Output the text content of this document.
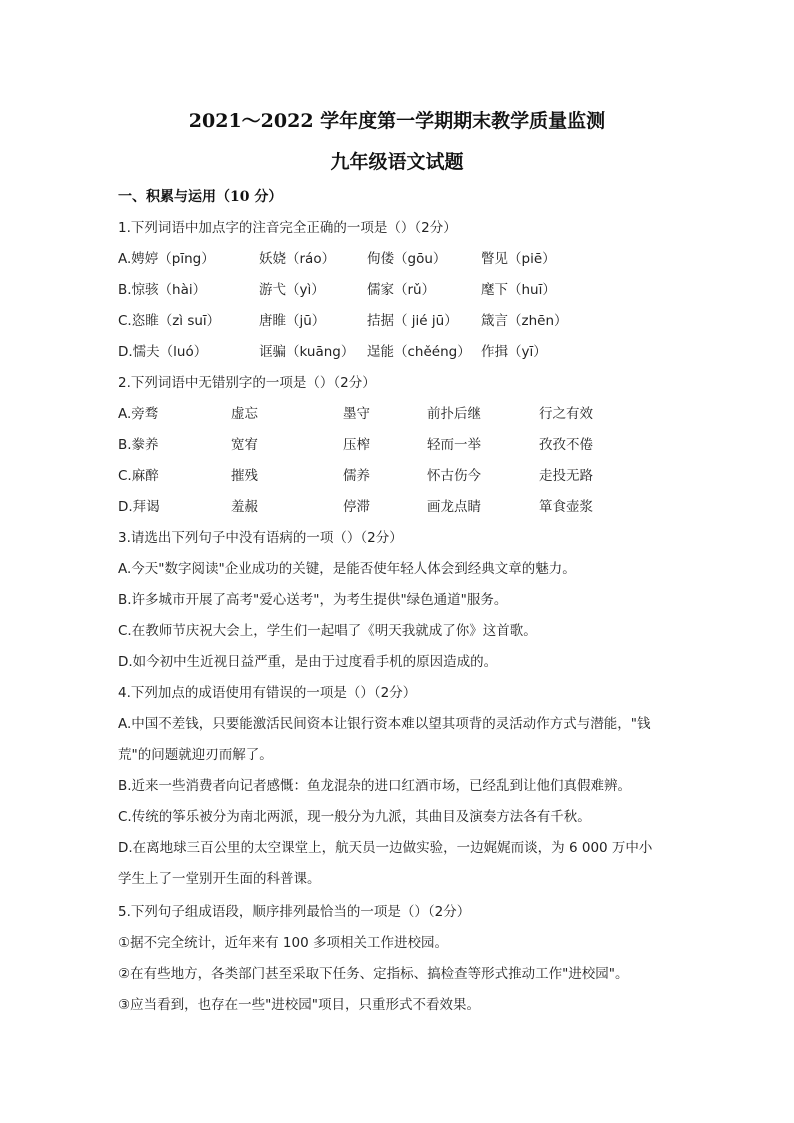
2021～2022 学年度第一学期期末教学质量监测
九年级语文试题
一、积累与运用（10 分）
1.下列词语中加点字的注音完全正确的一项是（）（2分）
A.娉婷（pīng）	妖娆（ráo） 佝偻（gōu）	瞥见（piē）
B.惊骇（hài）	游弋（yì）	儒家（rǔ）	麾下（huī）
C.恣睢（zì suī）	唐睢（jū）	拮据（ jié jū） 箴言（zhēn）
D.懦夫（luó）	诓骗（kuāng） 逞能（chěéng） 作揖（yī）
2.下列词语中无错别字的一项是（）（2分）
A.旁骛	虚忘	墨守	前扑后继	行之有效
B.豢养	宽宥	压榨	轻而一举	孜孜不倦
C.麻醉	摧残	儒养	怀古伤今	走投无路
D.拜谒	羞赧	停滞	画龙点睛	箪食壶浆
3.请选出下列句子中没有语病的一项（）（2分）
A.今天"数字阅读"企业成功的关键，是能否使年轻人体会到经典文章的魅力。
B.许多城市开展了高考"爱心送考"，为考生提供"绿色通道"服务。
C.在教师节庆祝大会上，学生们一起唱了《明天我就成了你》这首歌。
D.如今初中生近视日益严重，是由于过度看手机的原因造成的。
4.下列加点的成语使用有错误的一项是（）（2分）
A.中国不差钱，只要能激活民间资本让银行资本难以望其项背的灵活动作方式与潜能，"钱
荒"的问题就迎刃而解了。
B.近来一些消费者向记者感慨：鱼龙混杂的进口红酒市场，已经乱到让他们真假难辨。
C.传统的筝乐被分为南北两派，现一般分为九派，其曲目及演奏方法各有千秋。
D.在离地球三百公里的太空课堂上，航天员一边做实验，一边娓娓而谈，为 6 000 万中小
学生上了一堂别开生面的科普课。
5.下列句子组成语段，顺序排列最恰当的一项是（）（2分）
①据不完全统计，近年来有 100 多项相关工作进校园。
②在有些地方，各类部门甚至采取下任务、定指标、搞检查等形式推动工作"进校园"。
③应当看到，也存在一些"进校园"项目，只重形式不看效果。
